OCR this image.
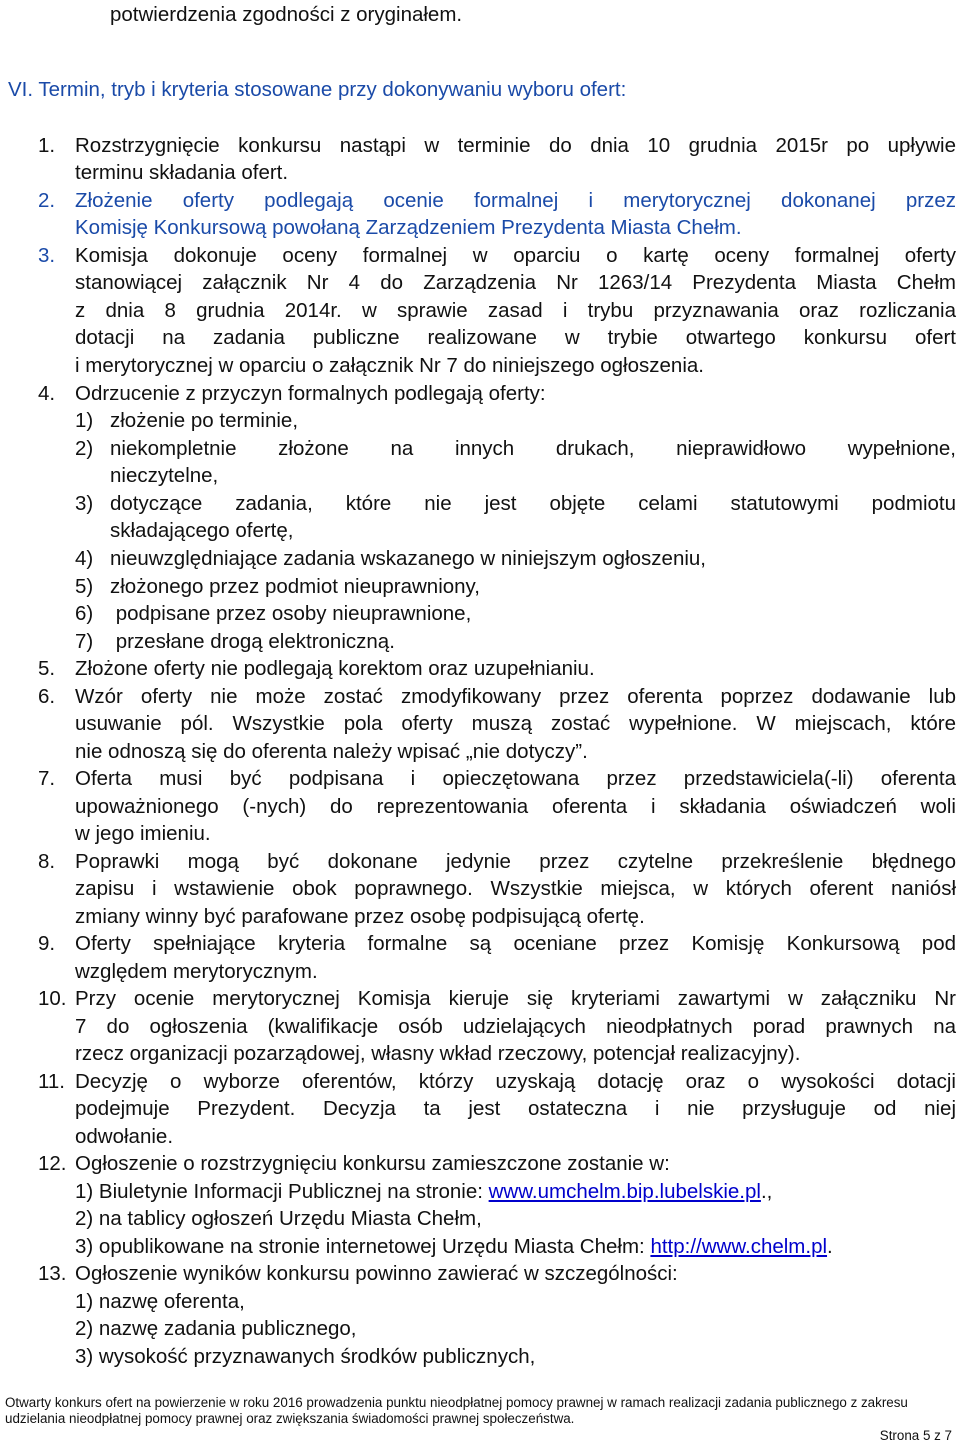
potwierdzenia zgodności z oryginałem.
VI. Termin, tryb i kryteria stosowane przy dokonywaniu wyboru ofert:
1. Rozstrzygnięcie konkursu nastąpi w terminie do dnia 10 grudnia 2015r po upływie
terminu składania ofert.
2. Złożenie oferty podlegają ocenie formalnej i merytorycznej dokonanej przez
Komisję Konkursową powołaną Zarządzeniem Prezydenta Miasta Chełm.
3. Komisja dokonuje oceny formalnej w oparciu o kartę oceny formalnej oferty
stanowiącej załącznik Nr 4 do Zarządzenia Nr 1263/14 Prezydenta Miasta Chełm
z dnia 8 grudnia 2014r. w sprawie zasad i trybu przyznawania oraz rozliczania
dotacji na zadania publiczne realizowane w trybie otwartego konkursu ofert
i merytorycznej w oparciu o załącznik Nr 7 do niniejszego ogłoszenia.
4. Odrzucenie z przyczyn formalnych podlegają oferty:
1) złożenie po terminie,
2) niekompletnie złożone na innych drukach, nieprawidłowo wypełnione,
nieczytelne,
3) dotyczące zadania, które nie jest objęte celami statutowymi podmiotu
składającego ofertę,
4) nieuwzględniające zadania wskazanego w niniejszym ogłoszeniu,
5) złożonego przez podmiot nieuprawniony,
6) podpisane przez osoby nieuprawnione,
7) przesłane drogą elektroniczną.
5. Złożone oferty nie podlegają korektom oraz uzupełnianiu.
6. Wzór oferty nie może zostać zmodyfikowany przez oferenta poprzez dodawanie lub
usuwanie pól. Wszystkie pola oferty muszą zostać wypełnione. W miejscach, które
nie odnoszą się do oferenta należy wpisać „nie dotyczy”.
7. Oferta musi być podpisana i opieczętowana przez przedstawiciela(-li) oferenta
upoważnionego (-nych) do reprezentowania oferenta i składania oświadczeń woli
w jego imieniu.
8. Poprawki mogą być dokonane jedynie przez czytelne przekreślenie błędnego
zapisu i wstawienie obok poprawnego. Wszystkie miejsca, w których oferent naniósł
zmiany winny być parafowane przez osobę podpisującą ofertę.
9. Oferty spełniające kryteria formalne są oceniane przez Komisję Konkursową pod
względem merytorycznym.
10. Przy ocenie merytorycznej Komisja kieruje się kryteriami zawartymi w załączniku Nr
7 do ogłoszenia (kwalifikacje osób udzielających nieodpłatnych porad prawnych na
rzecz organizacji pozarządowej, własny wkład rzeczowy, potencjał realizacyjny).
11. Decyzję o wyborze oferentów, którzy uzyskają dotację oraz o wysokości dotacji
podejmuje Prezydent. Decyzja ta jest ostateczna i nie przysługuje od niej
odwołanie.
12. Ogłoszenie o rozstrzygnięciu konkursu zamieszczone zostanie w:
1) Biuletynie Informacji Publicznej na stronie: www.umchelm.bip.lubelskie.pl.,
2) na tablicy ogłoszeń Urzędu Miasta Chełm,
3) opublikowane na stronie internetowej Urzędu Miasta Chełm: http://www.chelm.pl.
13. Ogłoszenie wyników konkursu powinno zawierać w szczególności:
1) nazwę oferenta,
2) nazwę zadania publicznego,
3) wysokość przyznawanych środków publicznych,
Otwarty konkurs ofert na powierzenie w roku 2016 prowadzenia punktu nieodpłatnej pomocy prawnej w ramach realizacji zadania publicznego z zakresu
udzielania nieodpłatnej pomocy prawnej oraz zwiększania świadomości prawnej społeczeństwa.
Strona 5 z 7
